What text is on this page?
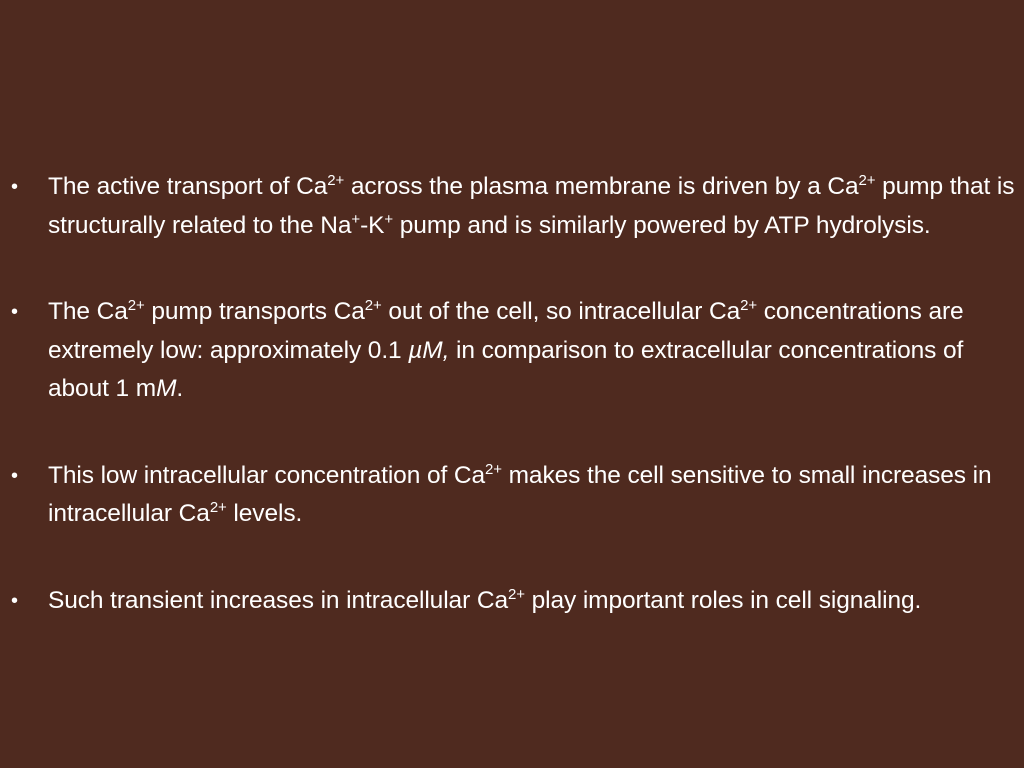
• The active transport of $Ca^{2+}$ across the plasma membrane is driven by a $Ca^{2+}$ pump that is structurally related to the Na+-K+ pump and is similarly powered by ATP hydrolysis.
• The $Ca^{2+}$ pump transports $Ca^{2+}$ out of the cell, so intracellular $Ca^{2+}$ concentrations are extremely low: approximately 0.1 µM, in comparison to extracellular concentrations of about 1 mM.
• This low intracellular concentration of $Ca^{2+}$ makes the cell sensitive to small increases in intracellular $Ca^{2+}$ levels.
• Such transient increases in intracellular $Ca^{2+}$ play important roles in cell signaling.
